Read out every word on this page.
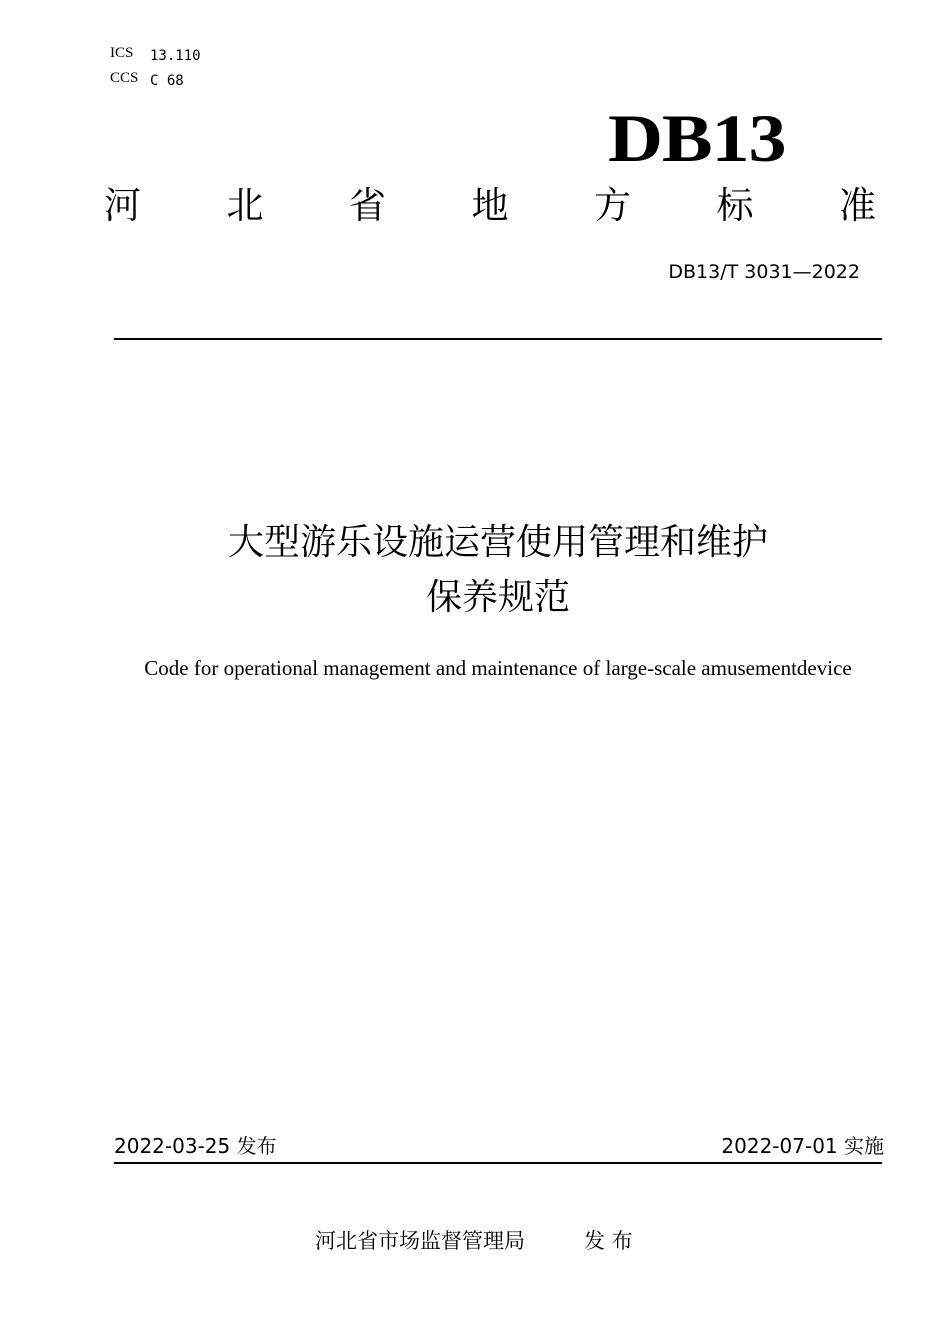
ICS 13.110
CCS C 68
DB13
河 北 省 地 方 标 准
DB13/T 3031—2022
大型游乐设施运营使用管理和维护
保养规范
Code for operational management and maintenance of large-scale amusementdevice
2022-03-25 发布	2022-07-01 实施
河北省市场监督管理局	发 布
